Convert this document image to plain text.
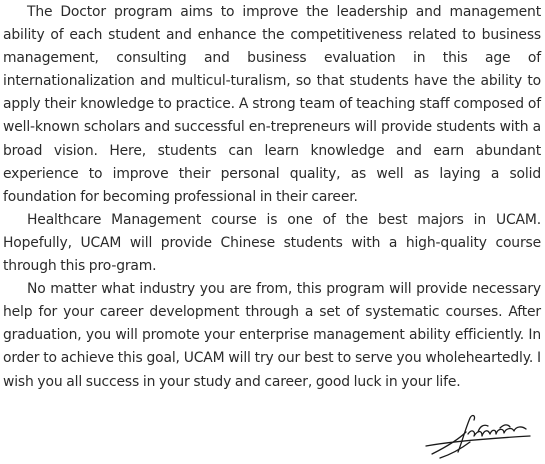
The Doctor program aims to improve the leadership and management ability of each student and enhance the competitiveness related to business management, consulting and business evaluation in this age of internationalization and multicul-turalism, so that students have the ability to apply their knowledge to practice. A strong team of teaching staff composed of well-known scholars and successful en-trepreneurs will provide students with a broad vision. Here, students can learn knowledge and earn abundant experience to improve their personal quality, as well as laying a solid foundation for becoming professional in their career.

Healthcare Management course is one of the best majors in UCAM. Hopefully, UCAM will provide Chinese students with a high-quality course through this pro-gram.

No matter what industry you are from, this program will provide necessary help for your career development through a set of systematic courses. After graduation, you will promote your enterprise management ability efficiently. In order to achieve this goal, UCAM will try our best to serve you wholeheartedly. I wish you all success in your study and career, good luck in your life.
